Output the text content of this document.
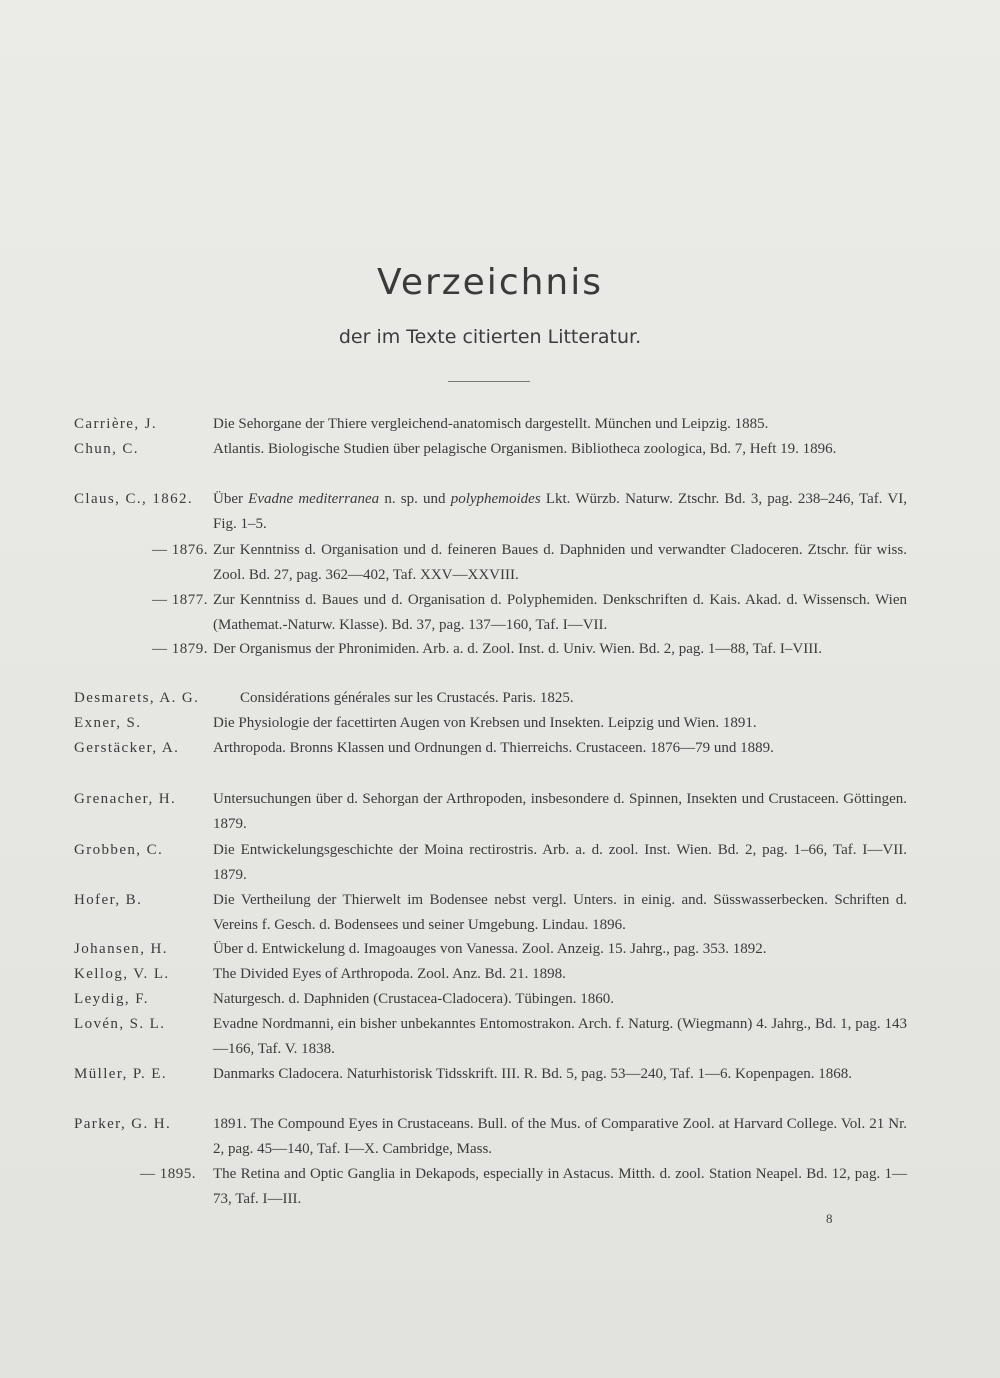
Verzeichnis
der im Texte citierten Litteratur.
Carrière, J.	Die Sehorgane der Thiere vergleichend-anatomisch dargestellt. München und Leipzig. 1885.
Chun, C.	Atlantis. Biologische Studien über pelagische Organismen. Bibliotheca zoologica, Bd. 7, Heft 19. 1896.
Claus, C., 1862.	Über Evadne mediterranea n. sp. und polyphemoides Lkt. Würzb. Naturw. Ztschr. Bd. 3, pag. 238–246, Taf. VI, Fig. 1–5.
— 1876. Zur Kenntniss d. Organisation und d. feineren Baues d. Daphniden und verwandter Cladoceren. Ztschr. für wiss. Zool. Bd. 27, pag. 362—402, Taf. XXV—XXVIII.
— 1877. Zur Kenntniss d. Baues und d. Organisation d. Polyphemiden. Denkschriften d. Kais. Akad. d. Wissensch. Wien (Mathemat.-Naturw. Klasse). Bd. 37, pag. 137—160, Taf. I—VII.
— 1879. Der Organismus der Phronimiden. Arb. a. d. Zool. Inst. d. Univ. Wien. Bd. 2, pag. 1—88, Taf. I–VIII.
Desmarets, A. G.	Considérations générales sur les Crustacés. Paris. 1825.
Exner, S.	Die Physiologie der facettirten Augen von Krebsen und Insekten. Leipzig und Wien. 1891.
Gerstäcker, A.	Arthropoda. Bronns Klassen und Ordnungen d. Thierreichs. Crustaceen. 1876—79 und 1889.
Grenacher, H.	Untersuchungen über d. Sehorgan der Arthropoden, insbesondere d. Spinnen, Insekten und Crustaceen. Göttingen. 1879.
Grobben, C.	Die Entwickelungsgeschichte der Moina rectirostris. Arb. a. d. zool. Inst. Wien. Bd. 2, pag. 1–66, Taf. I—VII. 1879.
Hofer, B.	Die Vertheilung der Thierwelt im Bodensee nebst vergl. Unters. in einig. and. Süsswasserbecken. Schriften d. Vereins f. Gesch. d. Bodensees und seiner Umgebung. Lindau. 1896.
Johansen, H.	Über d. Entwickelung d. Imagoauges von Vanessa. Zool. Anzeig. 15. Jahrg., pag. 353. 1892.
Kellog, V. L.	The Divided Eyes of Arthropoda. Zool. Anz. Bd. 21. 1898.
Leydig, F.	Naturgesch. d. Daphniden (Crustacea-Cladocera). Tübingen. 1860.
Lovén, S. L.	Evadne Nordmanni, ein bisher unbekanntes Entomostrakon. Arch. f. Naturg. (Wiegmann) 4. Jahrg., Bd. 1, pag. 143—166, Taf. V. 1838.
Müller, P. E.	Danmarks Cladocera. Naturhistorisk Tidsskrift. III. R. Bd. 5, pag. 53—240, Taf. 1—6. Kopenpagen. 1868.
Parker, G. H.	1891. The Compound Eyes in Crustaceans. Bull. of the Mus. of Comparative Zool. at Harvard College. Vol. 21 Nr. 2, pag. 45—140, Taf. I—X. Cambridge, Mass.
— 1895. The Retina and Optic Ganglia in Dekapods, especially in Astacus. Mitth. d. zool. Station Neapel. Bd. 12, pag. 1—73, Taf. I—III.
8
